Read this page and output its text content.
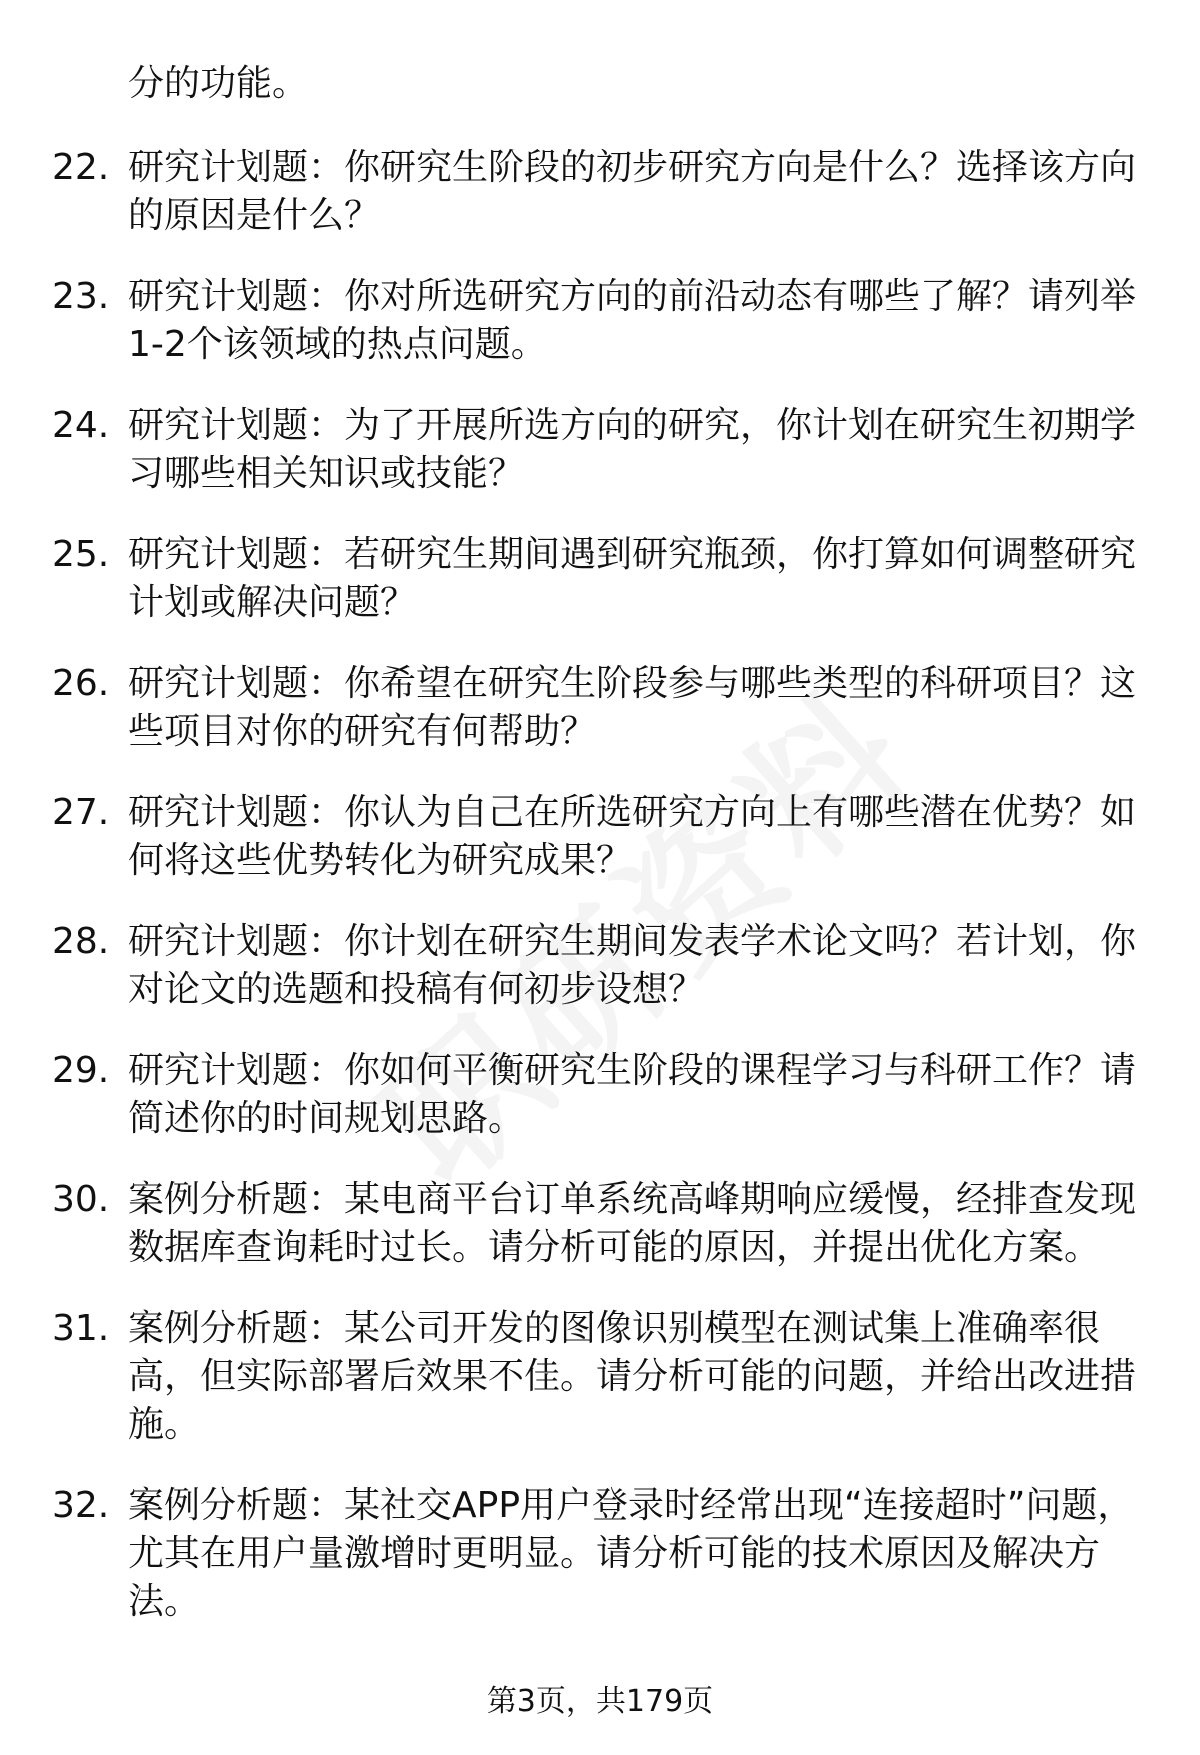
分的功能。
22. 研究计划题：你研究生阶段的初步研究方向是什么？选择该方向的原因是什么？
23. 研究计划题：你对所选研究方向的前沿动态有哪些了解？请列举1-2个该领域的热点问题。
24. 研究计划题：为了开展所选方向的研究，你计划在研究生初期学习哪些相关知识或技能？
25. 研究计划题：若研究生期间遇到研究瓶颈，你打算如何调整研究计划或解决问题？
26. 研究计划题：你希望在研究生阶段参与哪些类型的科研项目？这些项目对你的研究有何帮助？
27. 研究计划题：你认为自己在所选研究方向上有哪些潜在优势？如何将这些优势转化为研究成果？
28. 研究计划题：你计划在研究生期间发表学术论文吗？若计划，你对论文的选题和投稿有何初步设想？
29. 研究计划题：你如何平衡研究生阶段的课程学习与科研工作？请简述你的时间规划思路。
30. 案例分析题：某电商平台订单系统高峰期响应缓慢，经排查发现数据库查询耗时过长。请分析可能的原因，并提出优化方案。
31. 案例分析题：某公司开发的图像识别模型在测试集上准确率很高，但实际部署后效果不佳。请分析可能的问题，并给出改进措施。
32. 案例分析题：某社交APP用户登录时经常出现“连接超时”问题，尤其在用户量激增时更明显。请分析可能的技术原因及解决方法。
第3页，共179页
